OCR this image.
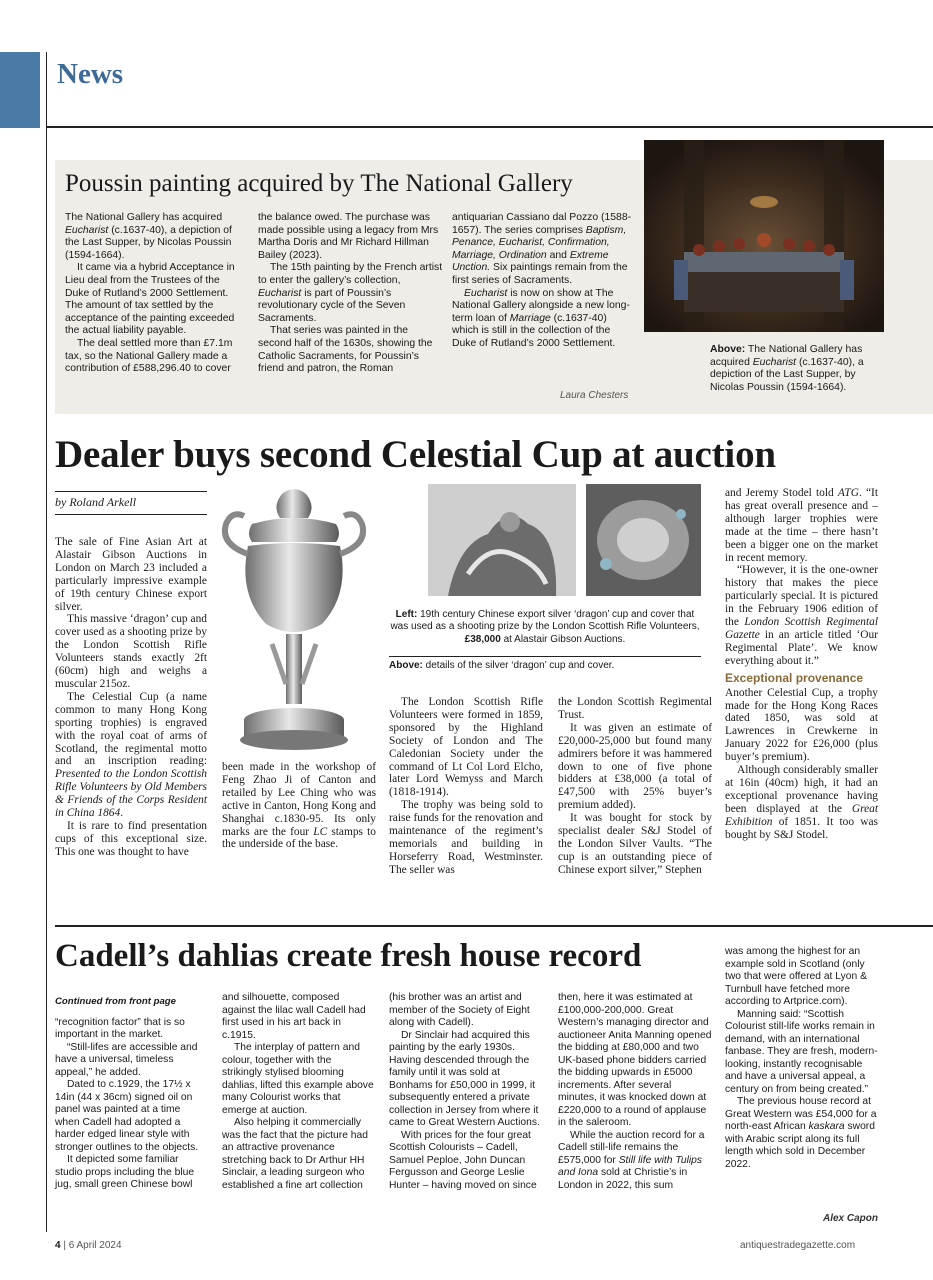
News
Poussin painting acquired by The National Gallery

The National Gallery has acquired Eucharist (c.1637-40), a depiction of the Last Supper, by Nicolas Poussin (1594-1664).

It came via a hybrid Acceptance in Lieu deal from the Trustees of the Duke of Rutland’s 2000 Settlement. The amount of tax settled by the acceptance of the painting exceeded the actual liability payable.

The deal settled more than £7.1m tax, so the National Gallery made a contribution of £588,296.40 to cover

the balance owed. The purchase was made possible using a legacy from Mrs Martha Doris and Mr Richard Hillman Bailey (2023).

The 15th painting by the French artist to enter the gallery’s collection, Eucharist is part of Poussin’s revolutionary cycle of the Seven Sacraments.

That series was painted in the second half of the 1630s, showing the Catholic Sacraments, for Poussin’s friend and patron, the Roman

antiquarian Cassiano dal Pozzo (1588-1657). The series comprises Baptism, Penance, Eucharist, Confirmation, Marriage, Ordination and Extreme Unction. Six paintings remain from the first series of Sacraments.

Eucharist is now on show at The National Gallery alongside a new long-term loan of Marriage (c.1637-40) which is still in the collection of the Duke of Rutland’s 2000 Settlement.

Laura Chesters
Above: The National Gallery has acquired Eucharist (c.1637-40), a depiction of the Last Supper, by Nicolas Poussin (1594-1664).
Dealer buys second Celestial Cup at auction
by Roland Arkell

The sale of Fine Asian Art at Alastair Gibson Auctions in London on March 23 included a particularly impressive example of 19th century Chinese export silver.

This massive ‘dragon’ cup and cover used as a shooting prize by the London Scottish Rifle Volunteers stands exactly 2ft (60cm) high and weighs a muscular 215oz.

The Celestial Cup (a name common to many Hong Kong sporting trophies) is engraved with the royal coat of arms of Scotland, the regimental motto and an inscription reading: Presented to the London Scottish Rifle Volunteers by Old Members & Friends of the Corps Resident in China 1864.

It is rare to find presentation cups of this exceptional size. This one was thought to have

been made in the workshop of Feng Zhao Ji of Canton and retailed by Lee Ching who was active in Canton, Hong Kong and Shanghai c.1830-95. Its only marks are the four LC stamps to the underside of the base.

Left: 19th century Chinese export silver ‘dragon’ cup and cover that was used as a shooting prize by the London Scottish Rifle Volunteers, £38,000 at Alastair Gibson Auctions.
Above: details of the silver ‘dragon’ cup and cover.

The London Scottish Rifle Volunteers were formed in 1859, sponsored by the Highland Society of London and The Caledonian Society under the command of Lt Col Lord Elcho, later Lord Wemyss and March (1818-1914).

The trophy was being sold to raise funds for the renovation and maintenance of the regiment’s memorials and building in Horseferry Road, Westminster. The seller was

the London Scottish Regimental Trust.

It was given an estimate of £20,000-25,000 but found many admirers before it was hammered down to one of five phone bidders at £38,000 (a total of £47,500 with 25% buyer’s premium added).

It was bought for stock by specialist dealer S&J Stodel of the London Silver Vaults. “The cup is an outstanding piece of Chinese export silver,” Stephen

and Jeremy Stodel told ATG. “It has great overall presence and – although larger trophies were made at the time – there hasn’t been a bigger one on the market in recent memory.

“However, it is the one-owner history that makes the piece particularly special. It is pictured in the February 1906 edition of the London Scottish Regimental Gazette in an article titled ‘Our Regimental Plate’. We know everything about it.”

Exceptional provenance

Another Celestial Cup, a trophy made for the Hong Kong Races dated 1850, was sold at Lawrences in Crewkerne in January 2022 for £26,000 (plus buyer’s premium).

Although considerably smaller at 16in (40cm) high, it had an exceptional provenance having been displayed at the Great Exhibition of 1851. It too was bought by S&J Stodel.

Cadell’s dahlias create fresh house record

Continued from front page

“recognition factor” that is so important in the market.

“Still-lifes are accessible and have a universal, timeless appeal,” he added.

Dated to c.1929, the 17½ x 14in (44 x 36cm) signed oil on panel was painted at a time when Cadell had adopted a harder edged linear style with stronger outlines to the objects.

It depicted some familiar studio props including the blue jug, small green Chinese bowl

and silhouette, composed against the lilac wall Cadell had first used in his art back in c.1915.

The interplay of pattern and colour, together with the strikingly stylised blooming dahlias, lifted this example above many Colourist works that emerge at auction.

Also helping it commercially was the fact that the picture had an attractive provenance stretching back to Dr Arthur HH Sinclair, a leading surgeon who established a fine art collection

(his brother was an artist and member of the Society of Eight along with Cadell).

Dr Sinclair had acquired this painting by the early 1930s. Having descended through the family until it was sold at Bonhams for £50,000 in 1999, it subsequently entered a private collection in Jersey from where it came to Great Western Auctions.

With prices for the four great Scottish Colourists – Cadell, Samuel Peploe, John Duncan Fergusson and George Leslie Hunter – having moved on since

then, here it was estimated at £100,000-200,000. Great Western’s managing director and auctioneer Anita Manning opened the bidding at £80,000 and two UK-based phone bidders carried the bidding upwards in £5000 increments. After several minutes, it was knocked down at £220,000 to a round of applause in the saleroom.

While the auction record for a Cadell still-life remains the £575,000 for Still life with Tulips and Iona sold at Christie’s in London in 2022, this sum

was among the highest for an example sold in Scotland (only two that were offered at Lyon & Turnbull have fetched more according to Artprice.com).

Manning said: “Scottish Colourist still-life works remain in demand, with an international fanbase. They are fresh, modern-looking, instantly recognisable and have a universal appeal, a century on from being created.”

The previous house record at Great Western was £54,000 for a north-east African kaskara sword with Arabic script along its full length which sold in December 2022.

Alex Capon
4 | 6 April 2024	antiquestradegazette.com
